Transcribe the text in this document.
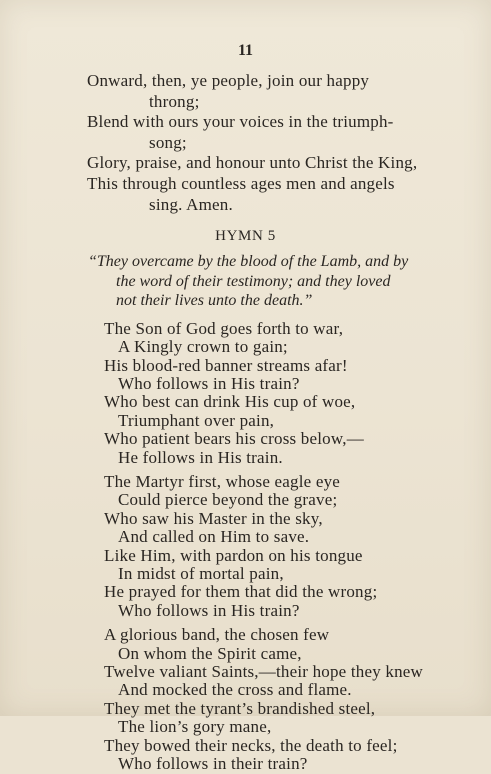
11
Onward, then, ye people, join our happy
throng;
Blend with ours your voices in the triumph-
song;
Glory, praise, and honour unto Christ the King,
This through countless ages men and angels
sing. Amen.
HYMN 5
“They overcame by the blood of the Lamb, and by
the word of their testimony; and they loved
not their lives unto the death.”
The Son of God goes forth to war,
A Kingly crown to gain;
His blood-red banner streams afar!
Who follows in His train?
Who best can drink His cup of woe,
Triumphant over pain,
Who patient bears his cross below,—
He follows in His train.
The Martyr first, whose eagle eye
Could pierce beyond the grave;
Who saw his Master in the sky,
And called on Him to save.
Like Him, with pardon on his tongue
In midst of mortal pain,
He prayed for them that did the wrong;
Who follows in His train?
A glorious band, the chosen few
On whom the Spirit came,
Twelve valiant Saints,—their hope they knew
And mocked the cross and flame.
They met the tyrant’s brandished steel,
The lion’s gory mane,
They bowed their necks, the death to feel;
Who follows in their train?
